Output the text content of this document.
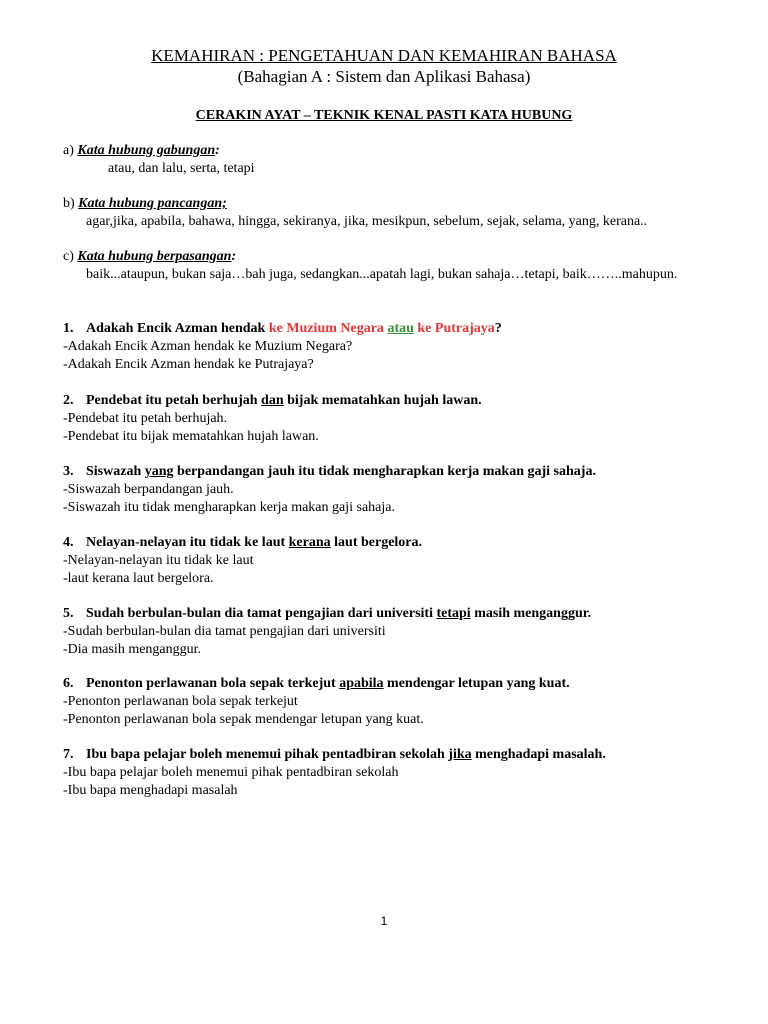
KEMAHIRAN : PENGETAHUAN DAN KEMAHIRAN BAHASA
(Bahagian A : Sistem dan Aplikasi Bahasa)
CERAKIN AYAT – TEKNIK KENAL PASTI KATA HUBUNG
a) Kata hubung gabungan:
atau, dan lalu, serta, tetapi
b) Kata hubung pancangan;
agar,jika, apabila, bahawa, hingga, sekiranya, jika, mesikpun, sebelum, sejak, selama, yang, kerana..
c) Kata hubung berpasangan:
baik...ataupun, bukan saja…bah juga, sedangkan...apatah lagi, bukan sahaja…tetapi, baik……..mahupun.
1. Adakah Encik Azman hendak ke Muzium Negara atau ke Putrajaya?
-Adakah Encik Azman hendak ke Muzium Negara?
-Adakah Encik Azman hendak ke Putrajaya?
2. Pendebat itu petah berhujah dan bijak mematahkan hujah lawan.
-Pendebat itu petah berhujah.
-Pendebat itu bijak mematahkan hujah lawan.
3. Siswazah yang berpandangan jauh itu tidak mengharapkan kerja makan gaji sahaja.
-Siswazah berpandangan jauh.
-Siswazah itu tidak mengharapkan kerja makan gaji sahaja.
4. Nelayan-nelayan itu tidak ke laut kerana laut bergelora.
-Nelayan-nelayan itu tidak ke laut
-laut kerana laut bergelora.
5. Sudah berbulan-bulan dia tamat pengajian dari universiti tetapi masih menganggur.
-Sudah berbulan-bulan dia tamat pengajian dari universiti
-Dia masih menganggur.
6. Penonton perlawanan bola sepak terkejut apabila mendengar letupan yang kuat.
-Penonton perlawanan bola sepak terkejut
-Penonton perlawanan bola sepak mendengar letupan yang kuat.
7. Ibu bapa pelajar boleh menemui pihak pentadbiran sekolah jika menghadapi masalah.
-Ibu bapa pelajar boleh menemui pihak pentadbiran sekolah
-Ibu bapa menghadapi masalah
1
